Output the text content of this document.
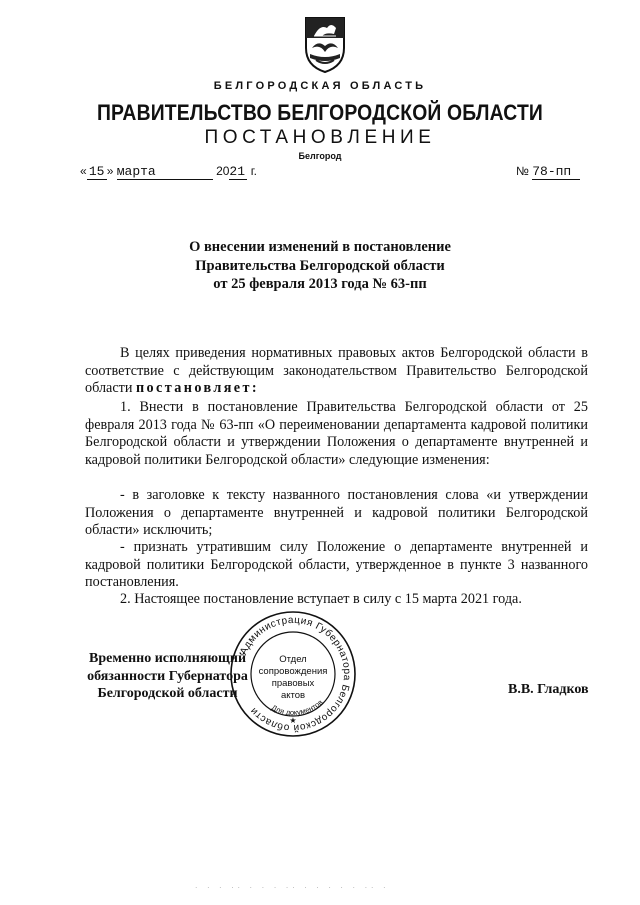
БЕЛГОРОДСКАЯ ОБЛАСТЬ
ПРАВИТЕЛЬСТВО БЕЛГОРОДСКОЙ ОБЛАСТИ
ПОСТАНОВЛЕНИЕ
Белгород
« 15 » марта	2021 г.	№ 78-пп
О внесении изменений в постановление
Правительства Белгородской области
от 25 февраля 2013 года № 63-пп
В целях приведения нормативных правовых актов Белгородской области в соответствие с действующим законодательством Правительство Белгородской области постановляет:
1. Внести в постановление Правительства Белгородской области от 25 февраля 2013 года № 63-пп «О переименовании департамента кадровой политики Белгородской области и утверждении Положения о департаменте внутренней и кадровой политики Белгородской области» следующие изменения:
- в заголовке к тексту названного постановления слова «и утверждении Положения о департаменте внутренней и кадровой политики Белгородской области» исключить;
- признать утратившим силу Положение о департаменте внутренней и кадровой политики Белгородской области, утвержденное в пункте 3 названного постановления.
2. Настоящее постановление вступает в силу с 15 марта 2021 года.
Временно исполняющий
обязанности Губернатора
Белгородской области
Администрация Губернатора Белгородской области	Для документов
Отдел
сопровождения
правовых
актов
★
В.В. Гладков
· · · ·· · · · ·· · · · · · ·· ·
